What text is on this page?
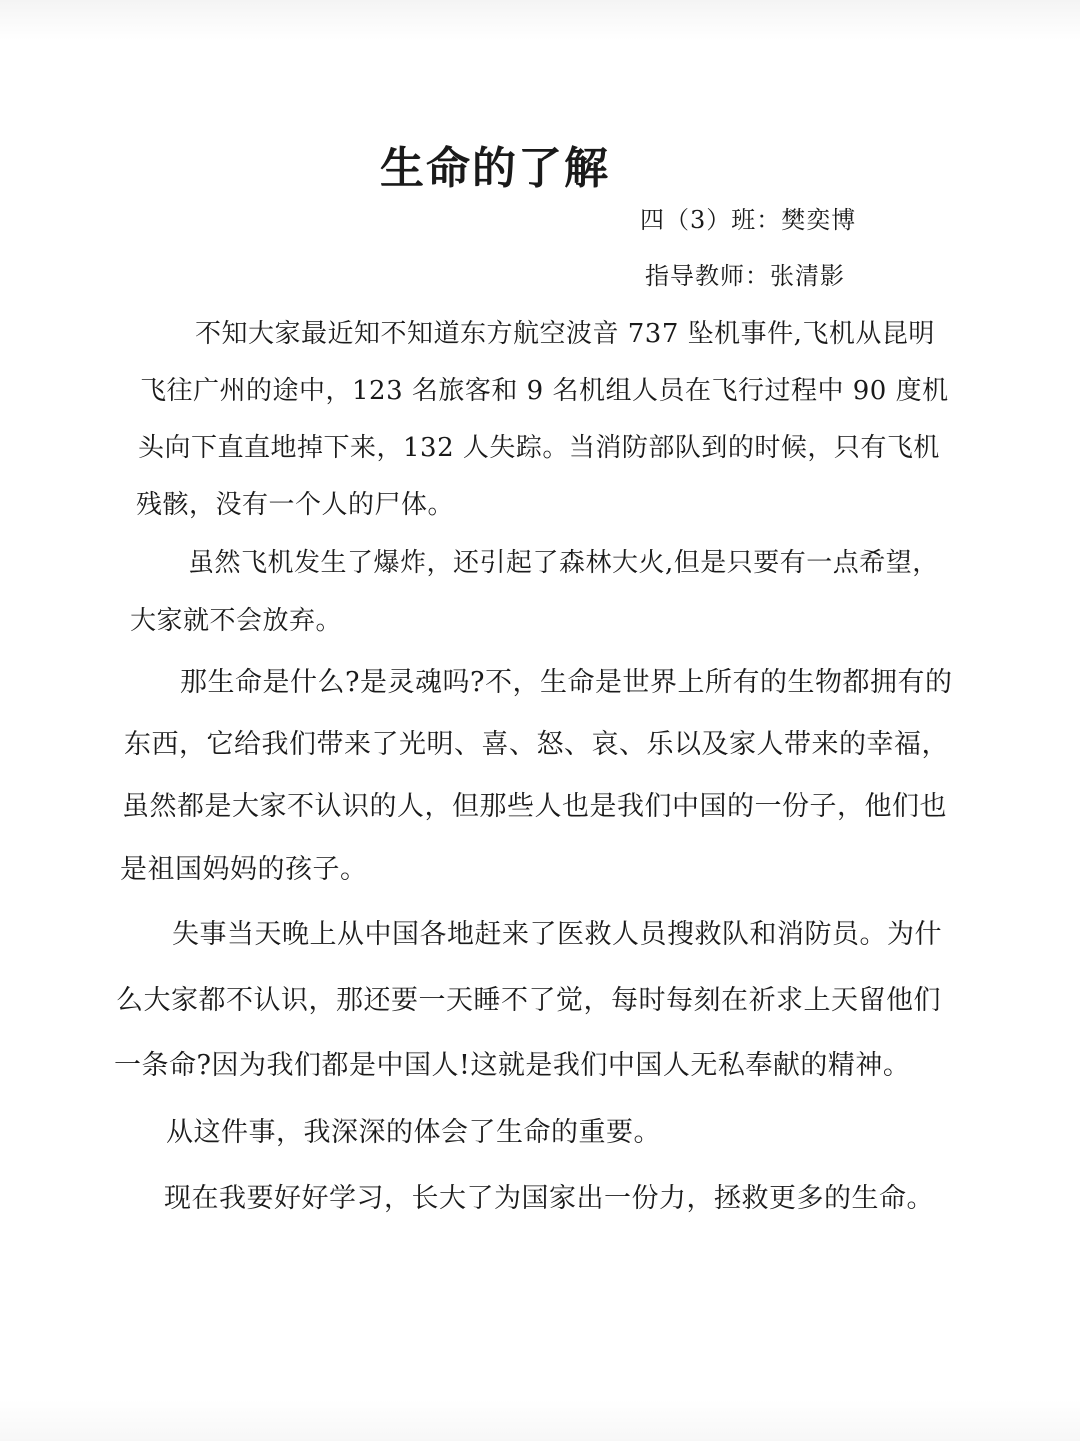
生命的了解
四（3）班：樊奕博
指导教师：张清影
不知大家最近知不知道东方航空波音 737 坠机事件,飞机从昆明
飞往广州的途中，123 名旅客和 9 名机组人员在飞行过程中 90 度机
头向下直直地掉下来，132 人失踪。当消防部队到的时候，只有飞机
残骸，没有一个人的尸体。
虽然飞机发生了爆炸，还引起了森林大火,但是只要有一点希望，
大家就不会放弃。
那生命是什么?是灵魂吗?不，生命是世界上所有的生物都拥有的
东西，它给我们带来了光明、喜、怒、哀、乐以及家人带来的幸福，
虽然都是大家不认识的人，但那些人也是我们中国的一份子，他们也
是祖国妈妈的孩子。
失事当天晚上从中国各地赶来了医救人员搜救队和消防员。为什
么大家都不认识，那还要一天睡不了觉，每时每刻在祈求上天留他们
一条命?因为我们都是中国人!这就是我们中国人无私奉献的精神。
从这件事，我深深的体会了生命的重要。
现在我要好好学习，长大了为国家出一份力，拯救更多的生命。
